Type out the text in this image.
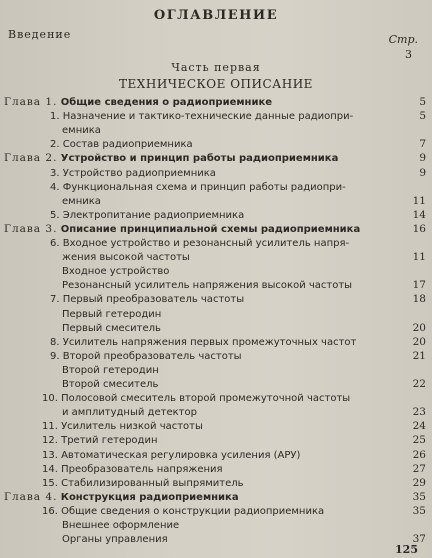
ОГЛАВЛЕНИЕ
Введение	Стр.
3
Часть первая
ТЕХНИЧЕСКОЕ ОПИСАНИЕ
Глава 1. Общие сведения о радиоприемнике	5
1. Назначение и тактико-технические данные радиопри-	5
емника
2. Состав радиоприемника	7
Глава 2. Устройство и принцип работы радиоприемника	9
3. Устройство радиоприемника	9
4. Функциональная схема и принцип работы радиопри-
емника	11
5. Электропитание радиоприемника	14
Глава 3. Описание принципиальной схемы радиоприемника	16
6. Входное устройство и резонансный усилитель напря-
жения высокой частоты	11
Входное устройство
Резонансный усилитель напряжения высокой частоты	17
7. Первый преобразователь частоты	18
Первый гетеродин
Первый смеситель	20
8. Усилитель напряжения первых промежуточных частот	20
9. Второй преобразователь частоты	21
Второй гетеродин
Второй смеситель	22
10. Полосовой смеситель второй промежуточной частоты
и амплитудный детектор	23
11. Усилитель низкой частоты	24
12. Третий гетеродин	25
13. Автоматическая регулировка усиления (АРУ)	26
14. Преобразователь напряжения	27
15. Стабилизированный выпрямитель	29
Глава 4. Конструкция радиоприемника	35
16. Общие сведения о конструкции радиоприемника	35
Внешнее оформление
Органы управления	37
125
